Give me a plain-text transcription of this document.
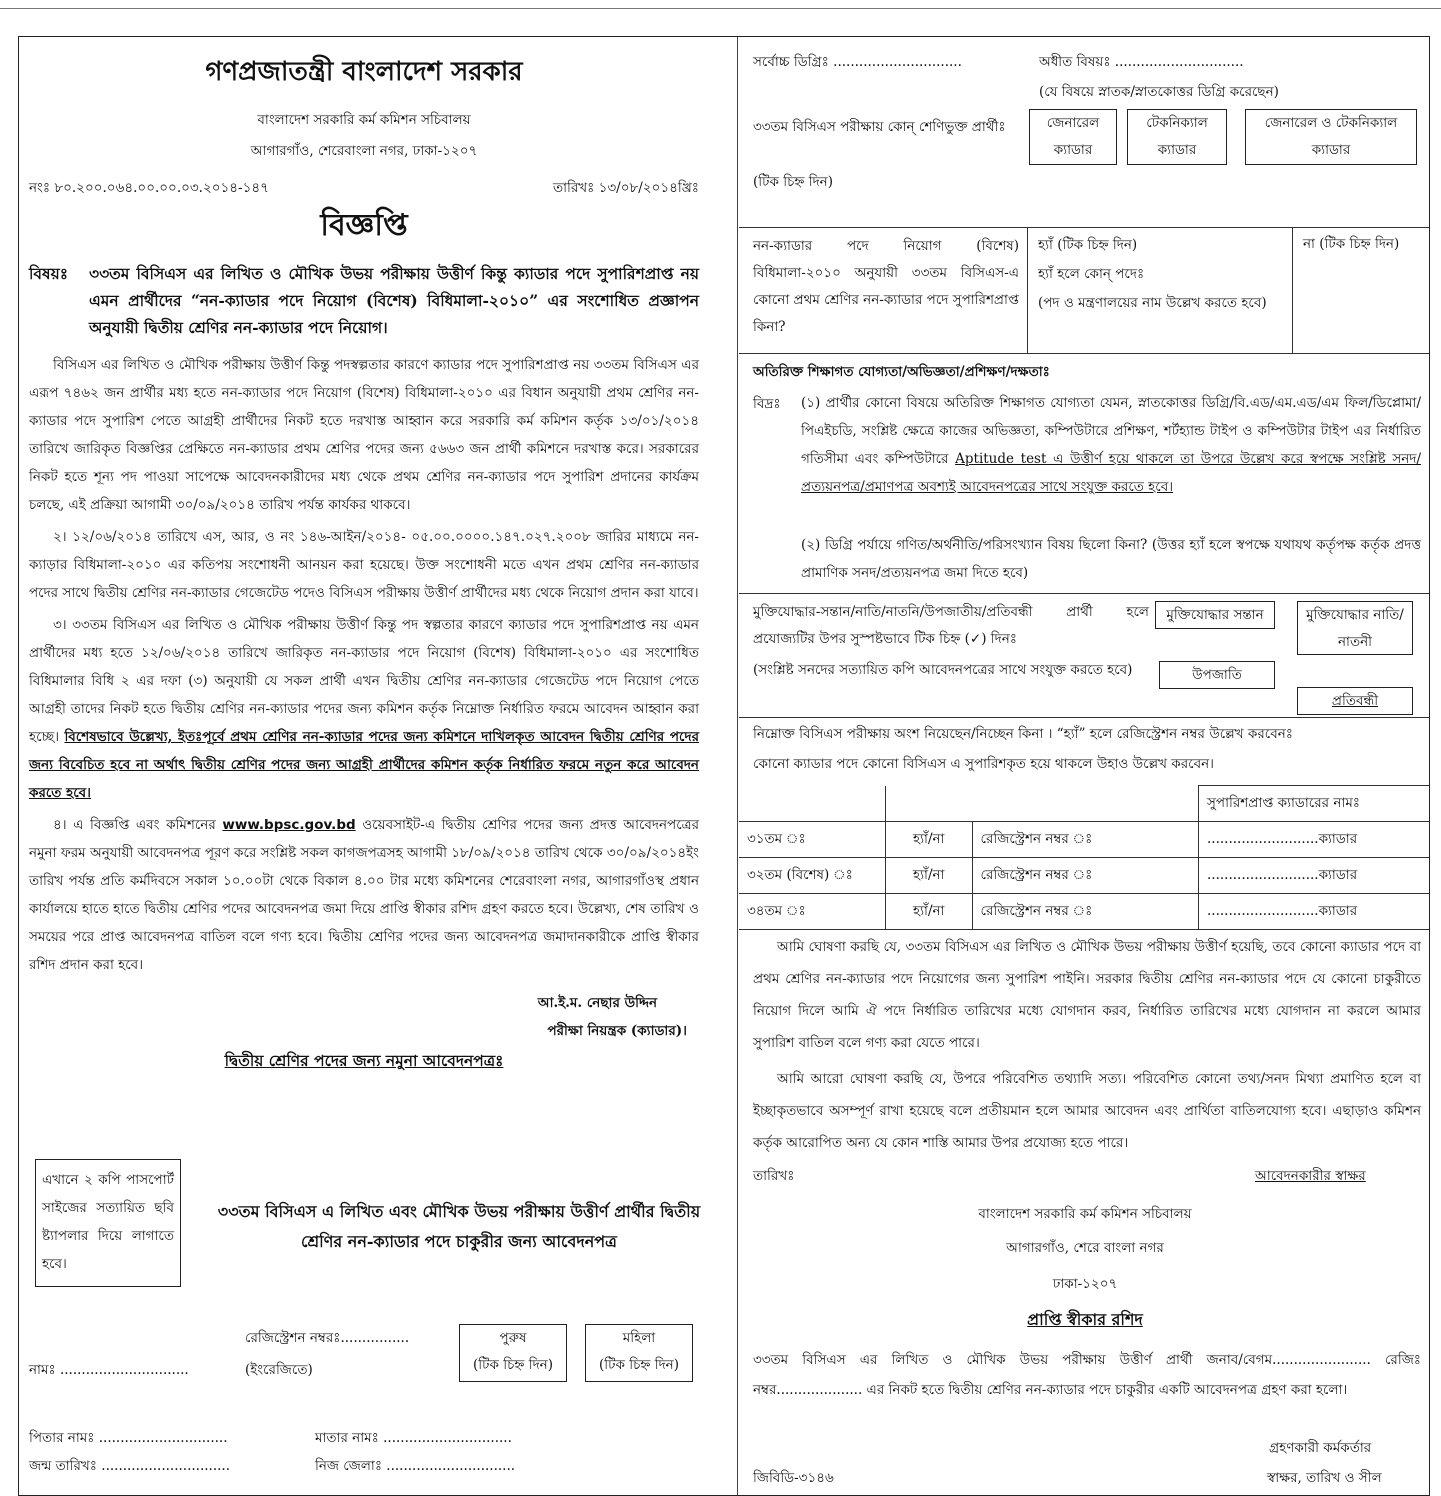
গণপ্রজাতন্ত্রী বাংলাদেশ সরকার
বাংলাদেশ সরকারি কর্ম কমিশন সচিবালয়
আগারগাঁও, শেরেবাংলা নগর, ঢাকা-১২০৭
নংঃ ৮০.২০০.০৬৪.০০.০০.০৩.২০১৪-১৪৭	তারিখঃ ১৩/০৮/২০১৪খ্রিঃ
বিজ্ঞপ্তি
বিষয়ঃ	৩৩তম বিসিএস এর লিখিত ও মৌখিক উভয় পরীক্ষায় উত্তীর্ণ কিন্তু ক্যাডার পদে সুপারিশপ্রাপ্ত নয় এমন প্রার্থীদের “নন-ক্যাডার পদে নিয়োগ (বিশেষ) বিধিমালা-২০১০” এর সংশোধিত প্রজ্ঞাপন অনুযায়ী দ্বিতীয় শ্রেণির নন-ক্যাডার পদে নিয়োগ।

বিসিএস এর লিখিত ও মৌখিক পরীক্ষায় উত্তীর্ণ কিন্তু পদস্বল্পতার কারণে ক্যাডার পদে সুপারিশপ্রাপ্ত নয় ৩৩তম বিসিএস এর এরূপ ৭৪৬২ জন প্রার্থীর মধ্য হতে নন-ক্যাডার পদে নিয়োগ (বিশেষ) বিধিমালা-২০১০ এর বিধান অনুযায়ী প্রথম শ্রেণির নন-ক্যাডার পদে সুপারিশ পেতে আগ্রহী প্রার্থীদের নিকট হতে দরখাস্ত আহ্বান করে সরকারি কর্ম কমিশন কর্তৃক ১৩/০১/২০১৪ তারিখে জারিকৃত বিজ্ঞপ্তির প্রেক্ষিতে নন-ক্যাডার প্রথম শ্রেণির পদের জন্য ৫৬৬৩ জন প্রার্থী কমিশনে দরখাস্ত করে। সরকারের নিকট হতে শূন্য পদ পাওয়া সাপেক্ষে আবেদনকারীদের মধ্য থেকে প্রথম শ্রেণির নন-ক্যাডার পদে সুপারিশ প্রদানের কার্যক্রম চলছে, এই প্রক্রিয়া আগামী ৩০/০৯/২০১৪ তারিখ পর্যন্ত কার্যকর থাকবে।

২। ১২/০৬/২০১৪ তারিখে এস, আর, ও নং ১৪৬-আইন/২০১৪- ০৫.০০.০০০০.১৪৭.০২৭.২০০৮ জারির মাধ্যমে নন-ক্যাড়ার বিধিমালা-২০১০ এর কতিপয় সংশোধনী আনয়ন করা হয়েছে। উক্ত সংশোধনী মতে এখন প্রথম শ্রেণির নন-ক্যাডার পদের সাথে দ্বিতীয় শ্রেণির নন-ক্যাডার গেজেটেড পদেও বিসিএস পরীক্ষায় উত্তীর্ণ প্রার্থীদের মধ্য থেকে নিয়োগ প্রদান করা যাবে।

৩। ৩৩তম বিসিএস এর লিখিত ও মৌখিক পরীক্ষায় উত্তীর্ণ কিন্তু পদ স্বল্পতার কারণে ক্যাডার পদে সুপারিশপ্রাপ্ত নয় এমন প্রার্থীদের মধ্য হতে ১২/০৬/২০১৪ তারিখে জারিকৃত নন-ক্যাডার পদে নিয়োগ (বিশেষ) বিধিমালা-২০১০ এর সংশোধিত বিধিমালার বিধি ২ এর দফা (৩) অনুযায়ী যে সকল প্রার্থী এখন দ্বিতীয় শ্রেণির নন-ক্যাডার গেজেটেড পদে নিয়োগ পেতে আগ্রহী তাদের নিকট হতে দ্বিতীয় শ্রেণির নন-ক্যাডার পদের জন্য কমিশন কর্তৃক নিম্নোক্ত নির্ধারিত ফরমে আবেদন আহ্বান করা হচ্ছে। বিশেষভাবে উল্লেখ্য, ইতঃপূর্বে প্রথম শ্রেণির নন-ক্যাডার পদের জন্য কমিশনে দাখিলকৃত আবেদন দ্বিতীয় শ্রেণির পদের জন্য বিবেচিত হবে না অর্থাৎ দ্বিতীয় শ্রেণির পদের জন্য আগ্রহী প্রার্থীদের কমিশন কর্তৃক নির্ধারিত ফরমে নতুন করে আবেদন করতে হবে।

৪। এ বিজ্ঞপ্তি এবং কমিশনের www.bpsc.gov.bd ওয়েবসাইট-এ দ্বিতীয় শ্রেণির পদের জন্য প্রদত্ত আবেদনপত্রের নমুনা ফরম অনুযায়ী আবেদনপত্র পূরণ করে সংশ্লিষ্ট সকল কাগজপত্রসহ আগামী ১৮/০৯/২০১৪ তারিখ থেকে ৩০/০৯/২০১৪ইং তারিখ পর্যন্ত প্রতি কর্মদিবসে সকাল ১০.০০টা থেকে বিকাল ৪.০০ টার মধ্যে কমিশনের শেরেবাংলা নগর, আগারগাঁওস্থ প্রধান কার্যালয়ে হাতে হাতে দ্বিতীয় শ্রেণির পদের আবেদনপত্র জমা দিয়ে প্রাপ্তি স্বীকার রশিদ গ্রহণ করতে হবে। উল্লেখ্য, শেষ তারিখ ও সময়ের পরে প্রাপ্ত আবেদনপত্র বাতিল বলে গণ্য হবে। দ্বিতীয় শ্রেণির পদের জন্য আবেদনপত্র জমাদানকারীকে প্রাপ্তি স্বীকার রশিদ প্রদান করা হবে।

আ.ই.ম. নেছার উদ্দিন
পরীক্ষা নিয়ন্ত্রক (ক্যাডার)।
দ্বিতীয় শ্রেণির পদের জন্য নমুনা আবেদনপত্রঃ
এখানে ২ কপি পাসপোর্ট সাইজের সত্যায়িত ছবি ষ্ট্যাপলার দিয়ে লাগাতে হবে।
৩৩তম বিসিএস এ লিখিত এবং মৌখিক উভয় পরীক্ষায় উত্তীর্ণ প্রার্থীর দ্বিতীয় শ্রেণির নন-ক্যাডার পদে চাকুরীর জন্য আবেদনপত্র
রেজিস্ট্রেশন নম্বরঃ................
নামঃ ..............................	(ইংরেজিতে)
পুরুষ
(টিক চিহ্ন দিন)
মহিলা
(টিক চিহ্ন দিন)
পিতার নামঃ ..............................	মাতার নামঃ ..............................
জন্ম তারিখঃ ..............................	নিজ জেলাঃ ..............................
সর্বোচ্চ ডিগ্রিঃ ..............................	অধীত বিষয়ঃ ..............................
(যে বিষয়ে স্নাতক/স্নাতকোত্তর ডিগ্রি করেছেন)
৩৩তম বিসিএস পরীক্ষায় কোন্ শেণিভুক্ত প্রার্থীঃ
(টিক চিহ্ন দিন)
জেনারেল ক্যাডার
টেকনিক্যাল ক্যাডার
জেনারেল ও টেকনিক্যাল ক্যাডার
নন-ক্যাডার পদে নিয়োগ (বিশেষ) বিধিমালা-২০১০ অনুযায়ী ৩৩তম বিসিএস-এ কোনো প্রথম শ্রেণির নন-ক্যাডার পদে সুপারিশপ্রাপ্ত কিনা?
হ্যাঁ (টিক চিহ্ন দিন)
হ্যাঁ হলে কোন্ পদেঃ
(পদ ও মন্ত্রণালয়ের নাম উল্লেখ করতে হবে)
না (টিক চিহ্ন দিন)
অতিরিক্ত শিক্ষাগত যোগ্যতা/অভিজ্ঞতা/প্রশিক্ষণ/দক্ষতাঃ
বিদ্রঃ (১) প্রার্থীর কোনো বিষয়ে অতিরিক্ত শিক্ষাগত যোগ্যতা যেমন, স্নাতকোত্তর ডিগ্রি/বি.এড/এম.এড/এম ফিল/ডিপ্লোমা/পিএইচডি, সংশ্লিষ্ট ক্ষেত্রে কাজের অভিজ্ঞতা, কম্পিউটারে প্রশিক্ষণ, শর্টহ্যান্ড টাইপ ও কম্পিউটার টাইপ এর নির্ধারিত গতিসীমা এবং কম্পিউটারে Aptitude test এ উত্তীর্ণ হয়ে থাকলে তা উপরে উল্লেখ করে স্বপক্ষে সংশ্লিষ্ট সনদ/প্রত্যয়নপত্র/প্রমাণপত্র অবশ্যই আবেদনপত্রের সাথে সংযুক্ত করতে হবে।
(২) ডিগ্রি পর্যায়ে গণিত/অর্থনীতি/পরিসংখ্যান বিষয় ছিলো কিনা? (উত্তর হ্যাঁ হলে স্বপক্ষে যথাযথ কর্তৃপক্ষ কর্তৃক প্রদত্ত প্রামাণিক সনদ/প্রত্যয়নপত্র জমা দিতে হবে)
মুক্তিযোদ্ধার-সন্তান/নাতি/নাতনি/উপজাতীয়/প্রতিবন্ধী প্রার্থী হলে প্রযোজ্যটির উপর সুস্পষ্টভাবে টিক চিহ্ন (✓) দিনঃ
(সংশ্লিষ্ট সনদের সত্যায়িত কপি আবেদনপত্রের সাথে সংযুক্ত করতে হবে)
মুক্তিযোদ্ধার সন্তান	মুক্তিযোদ্ধার নাতি/নাতনী
উপজাতি
প্রতিবন্ধী
নিম্নোক্ত বিসিএস পরীক্ষায় অংশ নিয়েছেন/নিচ্ছেন কিনা । “হ্যাঁ” হলে রেজিস্ট্রেশন নম্বর উল্লেখ করবেনঃ
কোনো ক্যাডার পদে কোনো বিসিএস এ সুপারিশকৃত হয়ে থাকলে উহাও উল্লেখ করবেন।
			সুপারিশপ্রাপ্ত ক্যাডারের নামঃ
৩১তম ঃ	হ্যাঁ/না	রেজিস্ট্রেশন নম্বর ঃ	..........................ক্যাডার
৩২তম (বিশেষ) ঃ	হ্যাঁ/না	রেজিস্ট্রেশন নম্বর ঃ	..........................ক্যাডার
৩৪তম ঃ	হ্যাঁ/না	রেজিস্ট্রেশন নম্বর ঃ	..........................ক্যাডার

আমি ঘোষণা করছি যে, ৩৩তম বিসিএস এর লিখিত ও মৌখিক উভয় পরীক্ষায় উত্তীর্ণ হয়েছি, তবে কোনো ক্যাডার পদে বা প্রথম শ্রেণির নন-ক্যাডার পদে নিয়োগের জন্য সুপারিশ পাইনি। সরকার দ্বিতীয় শ্রেণির নন-ক্যাডার পদে যে কোনো চাকুরীতে নিয়োগ দিলে আমি ঐ পদে নির্ধারিত তারিখের মধ্যে যোগদান করব, নির্ধারিত তারিখের মধ্যে যোগদান না করলে আমার সুপারিশ বাতিল বলে গণ্য করা যেতে পারে।

আমি আরো ঘোষণা করছি যে, উপরে পরিবেশিত তথ্যাদি সত্য। পরিবেশিত কোনো তথ্য/সনদ মিথ্যা প্রমাণিত হলে বা ইচ্ছাকৃতভাবে অসম্পূর্ণ রাখা হয়েছে বলে প্রতীয়মান হলে আমার আবেদন এবং প্রার্থিতা বাতিলযোগ্য হবে। এছাড়াও কমিশন কর্তৃক আরোপিত অন্য যে কোন শাস্তি আমার উপর প্রযোজ্য হতে পারে।

তারিখঃ	আবেদনকারীর স্বাক্ষর
বাংলাদেশ সরকারি কর্ম কমিশন সচিবালয়
আগারগাঁও, শেরে বাংলা নগর
ঢাকা-১২০৭
প্রাপ্তি স্বীকার রশিদ

৩৩তম বিসিএস এর লিখিত ও মৌখিক উভয় পরীক্ষায় উত্তীর্ণ প্রার্থী জনাব/বেগম....................... রেজিঃ নম্বর.................... এর নিকট হতে দ্বিতীয় শ্রেণির নন-ক্যাডার পদে চাকুরীর একটি আবেদনপত্র গ্রহণ করা হলো।

গ্রহণকারী কর্মকর্তার
স্বাক্ষর, তারিখ ও সীল
জিবিডি-৩১৪৬
